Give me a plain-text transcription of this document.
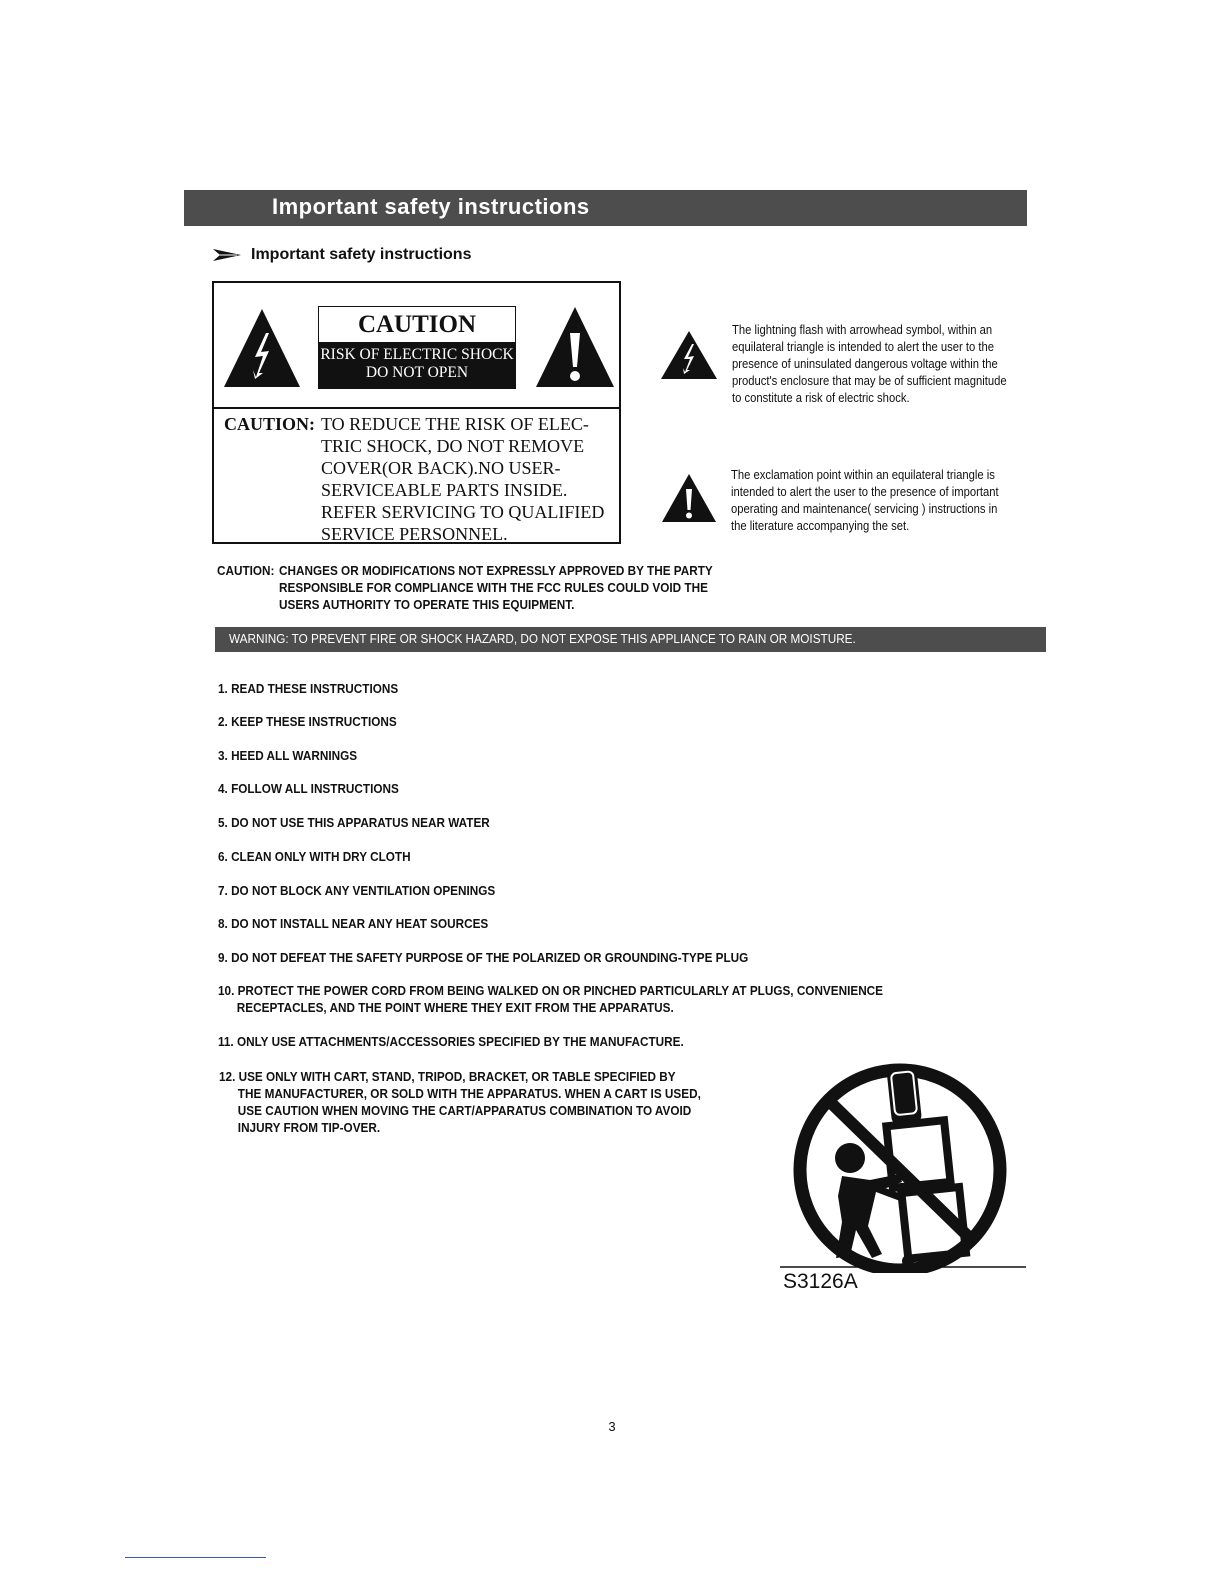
Important safety instructions
Important safety instructions
CAUTION
RISK OF ELECTRIC SHOCK
DO NOT OPEN
CAUTION: TO REDUCE THE RISK OF ELEC-
TRIC SHOCK, DO NOT REMOVE
COVER(OR BACK).NO USER-
SERVICEABLE PARTS INSIDE.
REFER SERVICING TO QUALIFIED
SERVICE PERSONNEL.
The lightning flash with arrowhead symbol, within an
equilateral triangle is intended to alert the user to the
presence of uninsulated dangerous voltage within the
product's enclosure that may be of sufficient magnitude
to constitute a risk of electric shock.
The exclamation point within an equilateral triangle is
intended to alert the user to the presence of important
operating and maintenance( servicing ) instructions in
the literature accompanying the set.
CAUTION: CHANGES OR MODIFICATIONS NOT EXPRESSLY APPROVED BY THE PARTY
RESPONSIBLE FOR COMPLIANCE WITH THE FCC RULES COULD VOID THE
USERS AUTHORITY TO OPERATE THIS EQUIPMENT.
WARNING: TO PREVENT FIRE OR SHOCK HAZARD, DO NOT EXPOSE THIS APPLIANCE TO RAIN OR MOISTURE.
1. READ THESE INSTRUCTIONS
2. KEEP THESE INSTRUCTIONS
3. HEED ALL WARNINGS
4. FOLLOW ALL INSTRUCTIONS
5. DO NOT USE THIS APPARATUS NEAR WATER
6. CLEAN ONLY WITH DRY CLOTH
7. DO NOT BLOCK ANY VENTILATION OPENINGS
8. DO NOT INSTALL NEAR ANY HEAT SOURCES
9. DO NOT DEFEAT THE SAFETY PURPOSE OF THE POLARIZED OR GROUNDING-TYPE PLUG
10. PROTECT THE POWER CORD FROM BEING WALKED ON OR PINCHED PARTICULARLY AT PLUGS, CONVENIENCE
RECEPTACLES, AND THE POINT WHERE THEY EXIT FROM THE APPARATUS.
11. ONLY USE ATTACHMENTS/ACCESSORIES SPECIFIED BY THE MANUFACTURE.
12. USE ONLY WITH CART, STAND, TRIPOD, BRACKET, OR TABLE SPECIFIED BY
THE MANUFACTURER, OR SOLD WITH THE APPARATUS. WHEN A CART IS USED,
USE CAUTION WHEN MOVING THE CART/APPARATUS COMBINATION TO AVOID
INJURY FROM TIP-OVER.
S3126A
3
